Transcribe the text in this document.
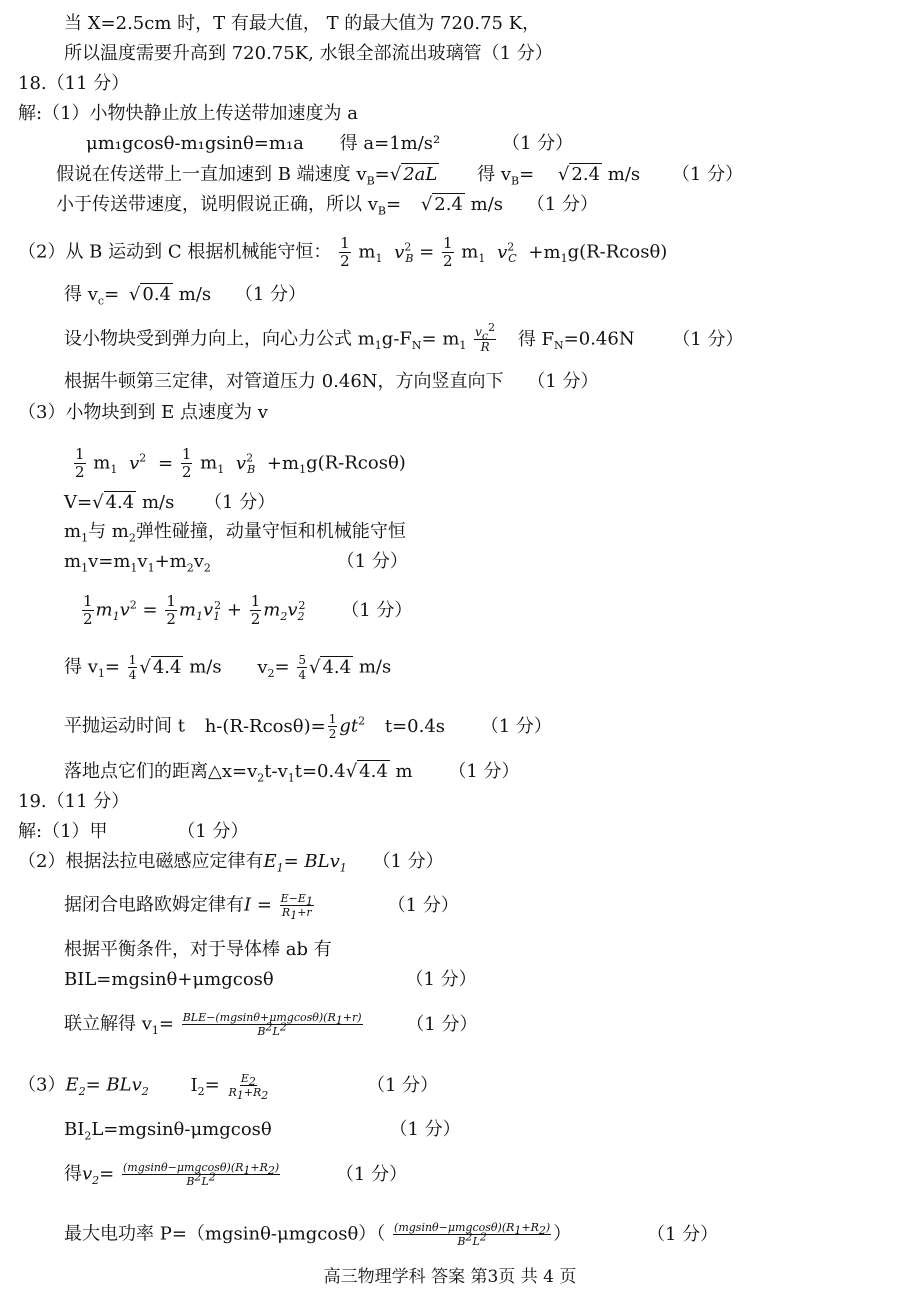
当 X=2.5cm 时，T 有最大值， T 的最大值为 720.75 K，
所以温度需要升高到 720.75K, 水银全部流出玻璃管（1 分）
18.（11 分）
解:（1）小物快静止放上传送带加速度为 a
μm₁gcosθ-m₁gsinθ=m₁a 得 a=1m/s²	（1 分）
假说在传送带上一直加速到 B 端速度 $v_B=√$ 2aL 得 $v_B=$ √ 2.4 m/s （1 分）
小于传送带速度，说明假说正确，所以 $v_B=$ √ 2.4 m/s （1 分）
（2）从 B 运动到 C 根据机械能守恒： $\frac{1}{2} m_1$ $v^2_B = \frac{1}{2} m_1$ $v^2_C +m_1g(R-Rcos\theta)$
得 $v_c=$ √ 0.4 m/s （1 分）
设小物块受到弹力向上，向心力公式 $m_1g-F_N= m_1 \frac{v_c^2}{R}$ 得 $F_N=0.46N$ （1 分）
根据牛顿第三定律，对管道压力 0.46N，方向竖直向下 （1 分）
（3）小物块到到 E 点速度为 v
$\frac{1}{2} m_1$ $v^2 = \frac{1}{2} m_1$ $v^2_B +m_1g(R-Rcos\theta)$
V=√ 4.4 m/s （1 分）
$m_1$与 $m_2$弹性碰撞，动量守恒和机械能守恒
$m_1v=m_1v_1+m_2v_2$	（1 分）
$\frac{1}{2} m_1v^2 = \frac{1}{2} m_1v_1^2 + \frac{1}{2} m_2v_2^2$ （1 分）
得 $v_1= \frac{1}{4}$ √ 4.4 m/s $v_2= \frac{5}{4}$ √ 4.4 m/s
平抛运动时间 t $h-(R-Rcos\theta)= \frac{1}{2} gt^2$ t=0.4s （1 分）
落地点它们的距离$\triangle x=v_2t-v_1t=0.4√$ 4.4 m （1 分）
19.（11 分）
解:（1）甲	（1 分）
（2）根据法拉电磁感应定律有$E_1= BLv_1$ （1 分）
据闭合电路欧姆定律有$I = \frac{E-E_1}{R_1+r}$	（1 分）
根据平衡条件，对于导体棒 ab 有
BIL=mgsinθ+μmgcosθ	（1 分）
联立解得 $v_1= \frac{BLE-(mgsin\theta+\mu mgcos\theta)(R_1+r)}{B^2L^2} (1$ 分）
$(3)E_2= BLv_2$ $I_2= \frac{E_2}{R_1+R_2}$	（1 分）
$BI_2L=mgsin\theta$-μmgcosθ	（1 分）
得$v_2= \frac{(mgsin\theta-\mu mgcos\theta)(R_1+R_2)}{B^2L^2}$	（1 分）
最大电功率 $P=(mgsin\theta-\mu mgcos\theta)( \frac{(mgsin\theta-\mu mgcos\theta)(R_1+R_2)}{B^2L^2}$ ）	（1 分）
高三物理学科 答案 第3页 共 4 页
